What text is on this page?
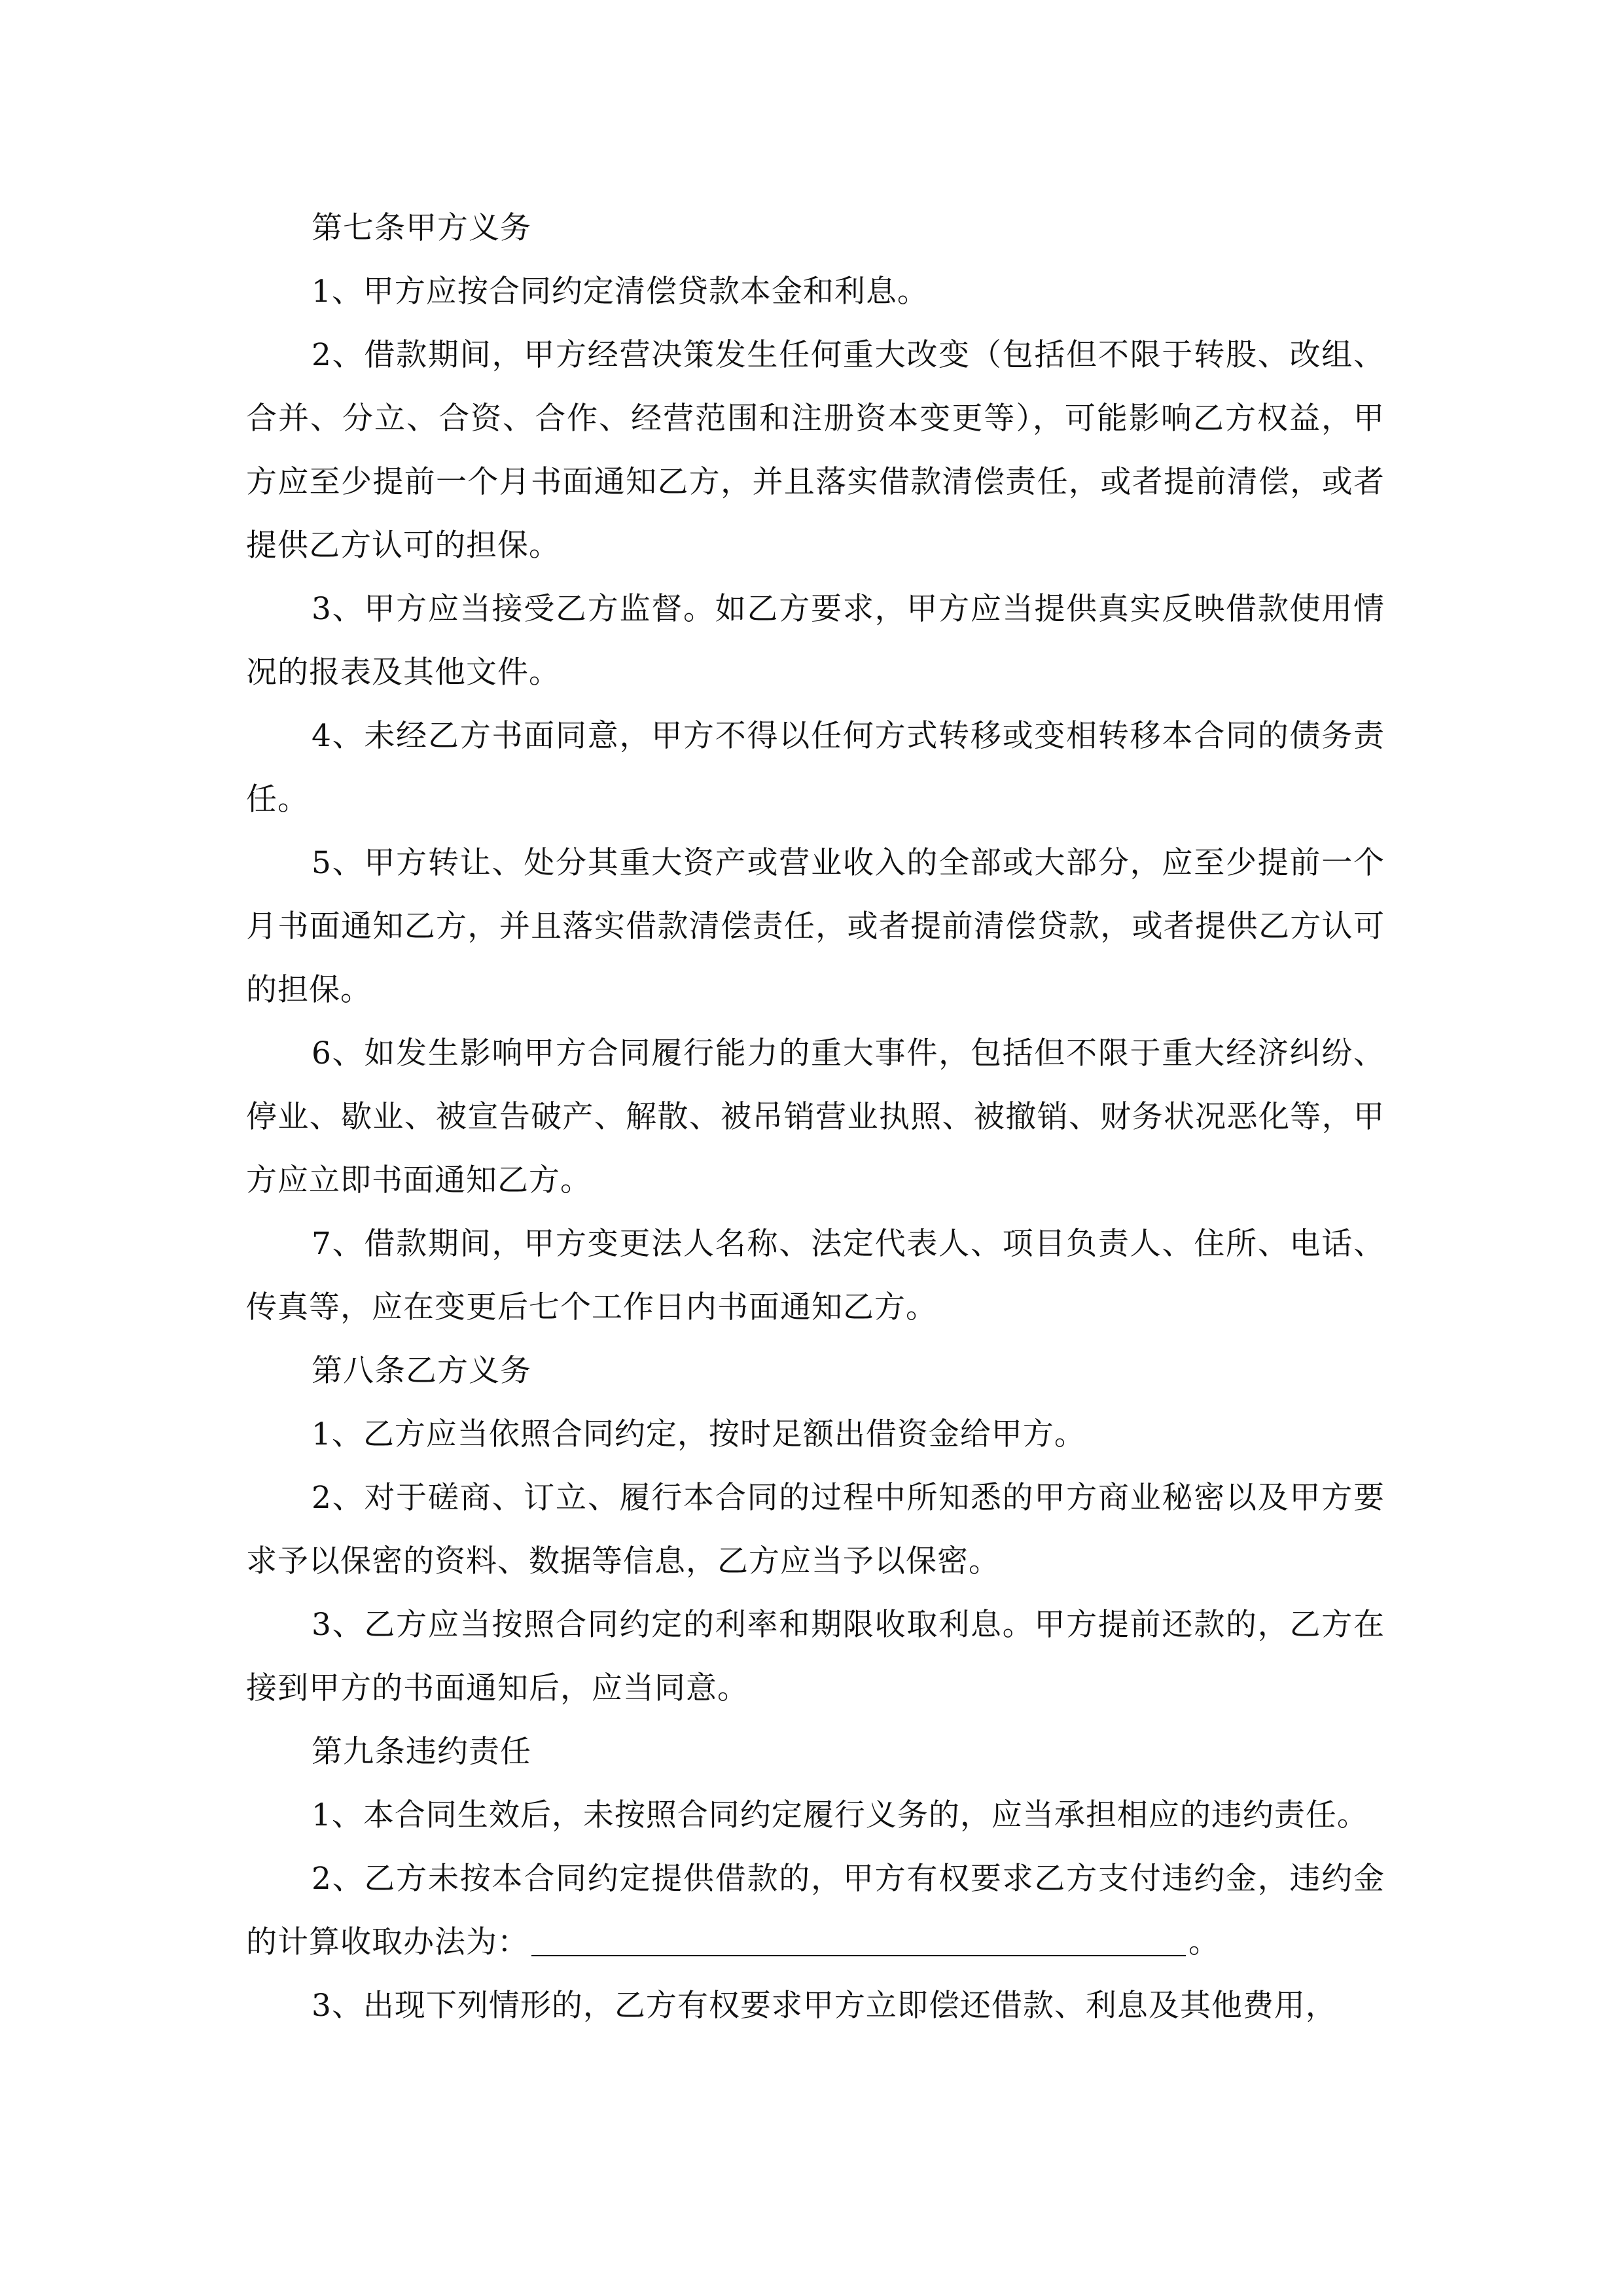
第七条甲方义务

1、甲方应按合同约定清偿贷款本金和利息。

2、借款期间，甲方经营决策发生任何重大改变（包括但不限于转股、改组、合并、分立、合资、合作、经营范围和注册资本变更等），可能影响乙方权益，甲方应至少提前一个月书面通知乙方，并且落实借款清偿责任，或者提前清偿，或者提供乙方认可的担保。

3、甲方应当接受乙方监督。如乙方要求，甲方应当提供真实反映借款使用情况的报表及其他文件。

4、未经乙方书面同意，甲方不得以任何方式转移或变相转移本合同的债务责任。

5、甲方转让、处分其重大资产或营业收入的全部或大部分，应至少提前一个月书面通知乙方，并且落实借款清偿责任，或者提前清偿贷款，或者提供乙方认可的担保。

6、如发生影响甲方合同履行能力的重大事件，包括但不限于重大经济纠纷、停业、歇业、被宣告破产、解散、被吊销营业执照、被撤销、财务状况恶化等，甲方应立即书面通知乙方。

7、借款期间，甲方变更法人名称、法定代表人、项目负责人、住所、电话、传真等，应在变更后七个工作日内书面通知乙方。

第八条乙方义务

1、乙方应当依照合同约定，按时足额出借资金给甲方。

2、对于磋商、订立、履行本合同的过程中所知悉的甲方商业秘密以及甲方要求予以保密的资料、数据等信息，乙方应当予以保密。

3、乙方应当按照合同约定的利率和期限收取利息。甲方提前还款的，乙方在接到甲方的书面通知后，应当同意。

第九条违约责任

1、本合同生效后，未按照合同约定履行义务的，应当承担相应的违约责任。

2、乙方未按本合同约定提供借款的，甲方有权要求乙方支付违约金，违约金的计算收取办法为：	。

3、出现下列情形的，乙方有权要求甲方立即偿还借款、利息及其他费用，
